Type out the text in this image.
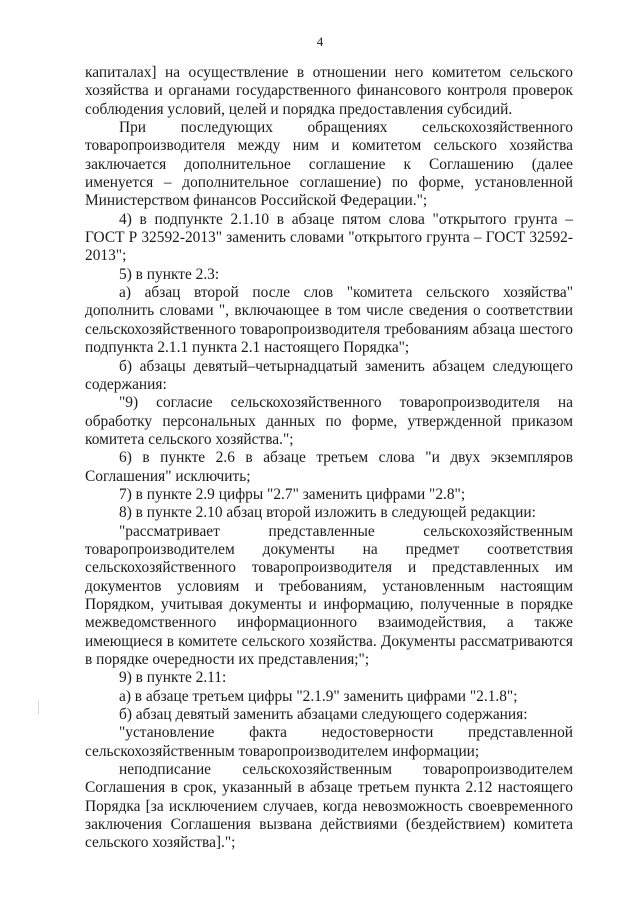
4

капиталах] на осуществление в отношении него комитетом сельского хозяйства и органами государственного финансового контроля проверок соблюдения условий, целей и порядка предоставления субсидий.

При последующих обращениях сельскохозяйственного товаропроизводителя между ним и комитетом сельского хозяйства заключается дополнительное соглашение к Соглашению (далее именуется – дополнительное соглашение) по форме, установленной Министерством финансов Российской Федерации.";

4) в подпункте 2.1.10 в абзаце пятом слова "открытого грунта – ГОСТ Р 32592-2013" заменить словами "открытого грунта – ГОСТ 32592-2013";

5) в пункте 2.3:

а) абзац второй после слов "комитета сельского хозяйства" дополнить словами ", включающее в том числе сведения о соответствии сельскохозяйственного товаропроизводителя требованиям абзаца шестого подпункта 2.1.1 пункта 2.1 настоящего Порядка";

б) абзацы девятый–четырнадцатый заменить абзацем следующего содержания:

"9) согласие сельскохозяйственного товаропроизводителя на обработку персональных данных по форме, утвержденной приказом комитета сельского хозяйства.";

6) в пункте 2.6 в абзаце третьем слова "и двух экземпляров Соглашения" исключить;

7) в пункте 2.9 цифры "2.7" заменить цифрами "2.8";

8) в пункте 2.10 абзац второй изложить в следующей редакции:

"рассматривает представленные сельскохозяйственным товаропроизводителем документы на предмет соответствия сельскохозяйственного товаропроизводителя и представленных им документов условиям и требованиям, установленным настоящим Порядком, учитывая документы и информацию, полученные в порядке межведомственного информационного взаимодействия, а также имеющиеся в комитете сельского хозяйства. Документы рассматриваются в порядке очередности их представления;";

9) в пункте 2.11:

а) в абзаце третьем цифры "2.1.9" заменить цифрами "2.1.8";

б) абзац девятый заменить абзацами следующего содержания:

"установление факта недостоверности представленной сельскохозяйственным товаропроизводителем информации;

неподписание сельскохозяйственным товаропроизводителем Соглашения в срок, указанный в абзаце третьем пункта 2.12 настоящего Порядка [за исключением случаев, когда невозможность своевременного заключения Соглашения вызвана действиями (бездействием) комитета сельского хозяйства].";
